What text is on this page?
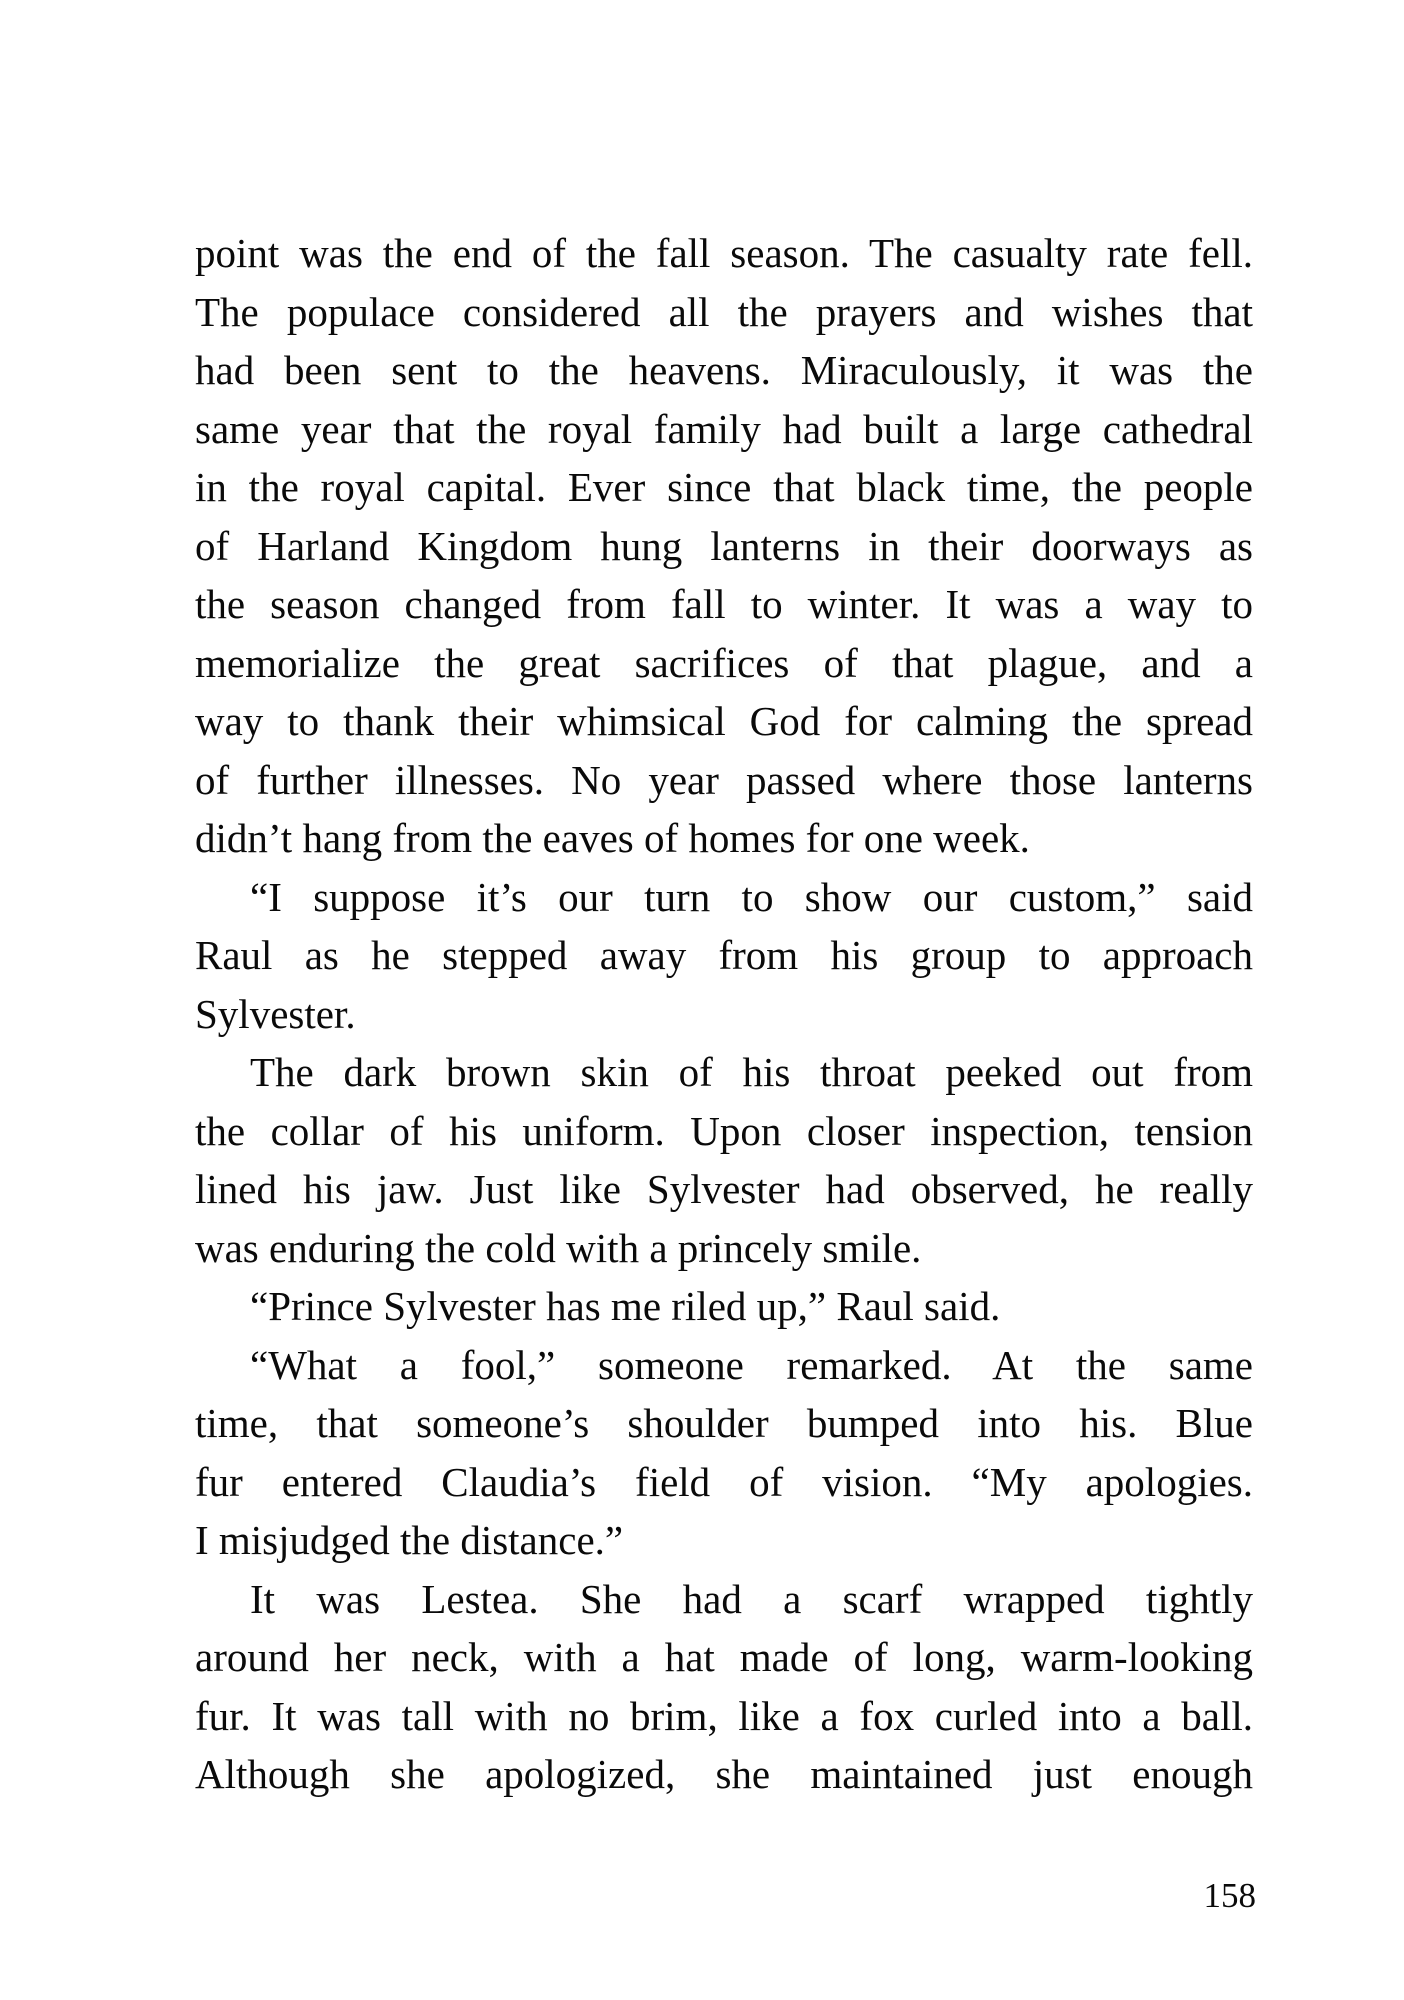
point was the end of the fall season. The casualty rate fell.
The populace considered all the prayers and wishes that
had been sent to the heavens. Miraculously, it was the
same year that the royal family had built a large cathedral
in the royal capital. Ever since that black time, the people
of Harland Kingdom hung lanterns in their doorways as
the season changed from fall to winter. It was a way to
memorialize the great sacrifices of that plague, and a
way to thank their whimsical God for calming the spread
of further illnesses. No year passed where those lanterns
didn’t hang from the eaves of homes for one week.
“I suppose it’s our turn to show our custom,” said
Raul as he stepped away from his group to approach
Sylvester.
The dark brown skin of his throat peeked out from
the collar of his uniform. Upon closer inspection, tension
lined his jaw. Just like Sylvester had observed, he really
was enduring the cold with a princely smile.
“Prince Sylvester has me riled up,” Raul said.
“What a fool,” someone remarked. At the same
time, that someone’s shoulder bumped into his. Blue
fur entered Claudia’s field of vision. “My apologies.
I misjudged the distance.”
It was Lestea. She had a scarf wrapped tightly
around her neck, with a hat made of long, warm-looking
fur. It was tall with no brim, like a fox curled into a ball.
Although she apologized, she maintained just enough
158
